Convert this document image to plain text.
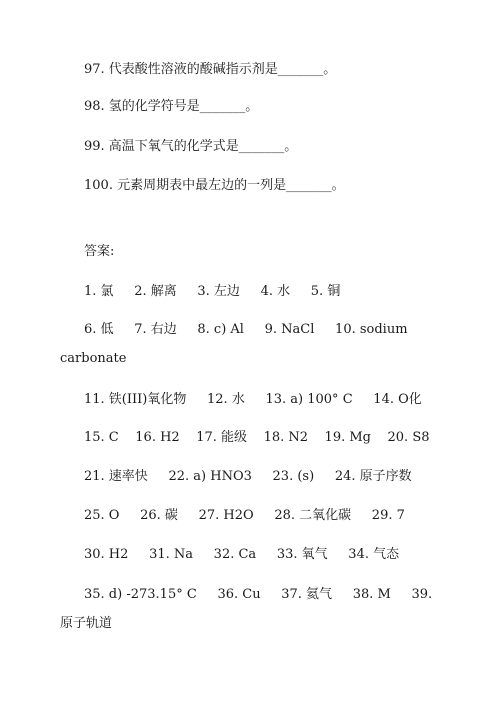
97. 代表酸性溶液的酸碱指示剂是_______。
98. 氢的化学符号是_______。
99. 高温下氧气的化学式是_______。
100. 元素周期表中最左边的一列是_______。
答案:
1. 氯     2. 解离     3. 左边     4. 水     5. 铜
6. 低     7. 右边     8. c) Al     9. NaCl     10. sodium
carbonate
11. 铁(III)氧化物     12. 水     13. a) 100° C     14. O化
15. C    16. H2    17. 能级    18. N2    19. Mg    20. S8
21. 速率快     22. a) HNO3     23. (s)     24. 原子序数
25. O     26. 碳     27. H2O     28. 二氧化碳     29. 7
30. H2     31. Na     32. Ca     33. 氧气     34. 气态
35. d) -273.15° C     36. Cu     37. 氦气     38. M     39.
原子轨道
